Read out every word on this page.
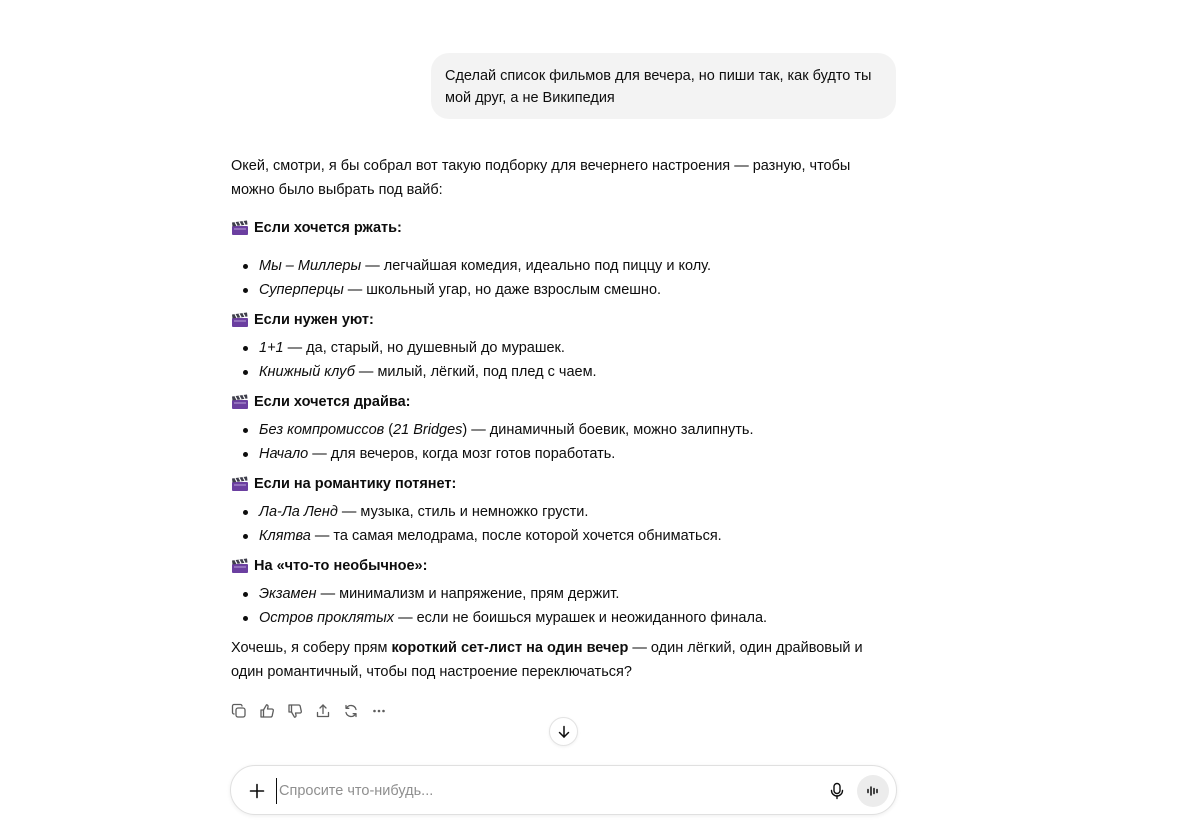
Сделай список фильмов для вечера, но пиши так, как будто ты мой друг, а не Википедия

Окей, смотри, я бы собрал вот такую подборку для вечернего настроения — разную, чтобы можно было выбрать под вайб:

Если хочется ржать:
Мы – Миллеры — легчайшая комедия, идеально под пиццу и колу.
Суперперцы — школьный угар, но даже взрослым смешно.
Если нужен уют:
1+1 — да, старый, но душевный до мурашек.
Книжный клуб — милый, лёгкий, под плед с чаем.
Если хочется драйва:
Без компромиссов (21 Bridges) — динамичный боевик, можно залипнуть.
Начало — для вечеров, когда мозг готов поработать.
Если на романтику потянет:
Ла-Ла Ленд — музыка, стиль и немножко грусти.
Клятва — та самая мелодрама, после которой хочется обниматься.
На «что-то необычное»:
Экзамен — минимализм и напряжение, прям держит.
Остров проклятых — если не боишься мурашек и неожиданного финала.

Хочешь, я соберу прям короткий сет-лист на один вечер — один лёгкий, один драйвовый и один романтичный, чтобы под настроение переключаться?

Спросите что-нибудь...
